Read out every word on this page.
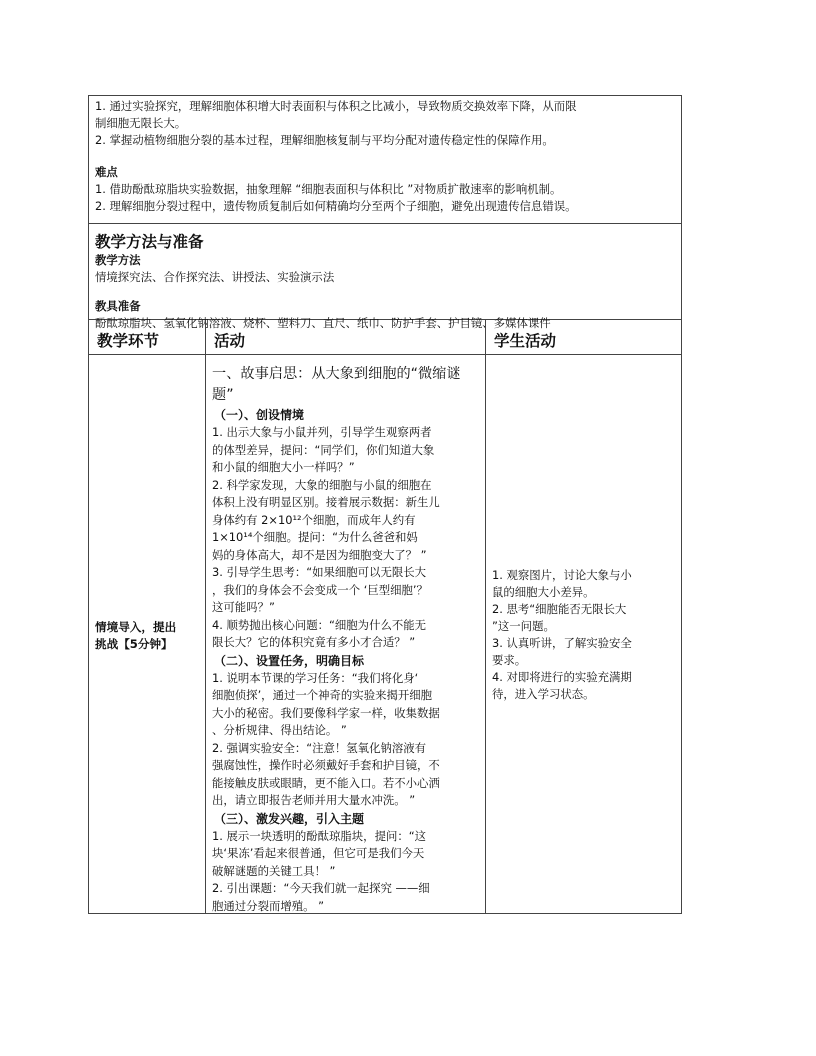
1. 通过实验探究，理解细胞体积增大时表面积与体积之比减小，导致物质交换效率下降，从而限

制细胞无限长大。

2. 掌握动植物细胞分裂的基本过程，理解细胞核复制与平均分配对遗传稳定性的保障作用。

难点

1. 借助酚酞琼脂块实验数据，抽象理解 “细胞表面积与体积比 ”对物质扩散速率的影响机制。

2. 理解细胞分裂过程中，遗传物质复制后如何精确均分至两个子细胞，避免出现遗传信息错误。

教学方法与准备

教学方法

情境探究法、合作探究法、讲授法、实验演示法

教具准备

酚酞琼脂块、氢氧化钠溶液、烧杯、塑料刀、直尺、纸巾、防护手套、护目镜、多媒体课件

教学环节	活动	学生活动

情境导入，提出

挑战【5分钟】

一、故事启思：从大象到细胞的“微缩谜题”
（一）、创设情境

1. 出示大象与小鼠并列，引导学生观察两者

的体型差异，提问：“同学们，你们知道大象

和小鼠的细胞大小一样吗？”

2. 科学家发现，大象的细胞与小鼠的细胞在

体积上没有明显区别。接着展示数据：新生儿

身体约有 2×10¹²个细胞，而成年人约有

1×10¹⁴个细胞。提问：“为什么爸爸和妈

妈的身体高大，却不是因为细胞变大了？ ”

3. 引导学生思考：“如果细胞可以无限长大

，我们的身体会不会变成一个 ‘巨型细胞’？

这可能吗？”

4. 顺势抛出核心问题：“细胞为什么不能无

限长大？它的体积究竟有多小才合适？ ”

（二）、设置任务，明确目标

1. 说明本节课的学习任务：“我们将化身‘

细胞侦探’，通过一个神奇的实验来揭开细胞

大小的秘密。我们要像科学家一样，收集数据

、分析规律、得出结论。 ”

2. 强调实验安全：“注意！氢氧化钠溶液有

强腐蚀性，操作时必须戴好手套和护目镜，不

能接触皮肤或眼睛，更不能入口。若不小心洒

出，请立即报告老师并用大量水冲洗。 ”

（三）、激发兴趣，引入主题

1. 展示一块透明的酚酞琼脂块，提问：“这

块‘果冻’看起来很普通，但它可是我们今天

破解谜题的关键工具！ ”

2. 引出课题：“今天我们就一起探究 ——细

胞通过分裂而增殖。 ”

1. 观察图片，讨论大象与小

鼠的细胞大小差异。

2. 思考“细胞能否无限长大

”这一问题。

3. 认真听讲，了解实验安全

要求。

4. 对即将进行的实验充满期

待，进入学习状态。
